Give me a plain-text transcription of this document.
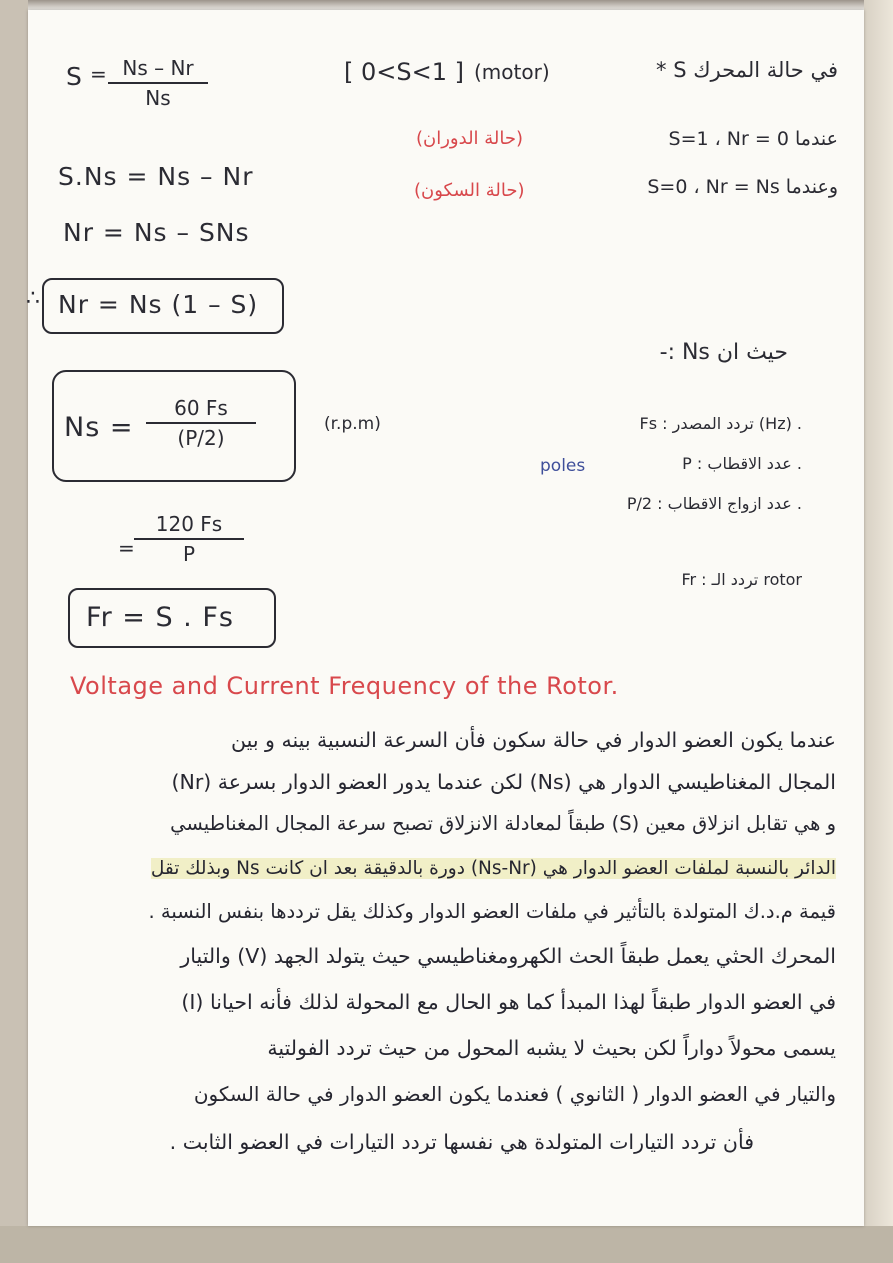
S = Ns – Nr
Ns
S.Ns = Ns – Nr
Nr = Ns – SNs
∴ Nr = Ns (1 – S)
Ns =
60 Fs
(P/2)
(r.p.m)
=
120 Fs
P
Fr = S . Fs
[ 0<S<1 ] (motor)	* S في حالة المحرك
عندما S=1 ، Nr = 0
(حالة الدوران)
وعندما S=0 ، Nr = Ns
(حالة السكون)
حيث ان Ns :-
Fs : تردد المصدر (Hz) .
P : عدد الاقطاب .
poles
P/2 : عدد ازواج الاقطاب .
Fr : تردد الـ rotor
Voltage and Current Frequency of the Rotor.
عندما يكون العضو الدوار في حالة سكون فأن السرعة النسبية بينه و بين
المجال المغناطيسي الدوار هي (Ns) لكن عندما يدور العضو الدوار بسرعة (Nr)
و هي تقابل انزلاق معين (S) طبقاً لمعادلة الانزلاق تصبح سرعة المجال المغناطيسي
الدائر بالنسبة لملفات العضو الدوار هي (Ns-Nr) دورة بالدقيقة بعد ان كانت Ns وبذلك تقل
قيمة م.د.ك المتولدة بالتأثير في ملفات العضو الدوار وكذلك يقل ترددها بنفس النسبة .
المحرك الحثي يعمل طبقاً الحث الكهرومغناطيسي حيث يتولد الجهد (V) والتيار
(I) في العضو الدوار طبقاً لهذا المبدأ كما هو الحال مع المحولة لذلك فأنه احيانا
يسمى محولاً دواراً لكن بحيث لا يشبه المحول من حيث تردد الفولتية
والتيار في العضو الدوار ( الثانوي ) فعندما يكون العضو الدوار في حالة السكون
فأن تردد التيارات المتولدة هي نفسها تردد التيارات في العضو الثابت .
